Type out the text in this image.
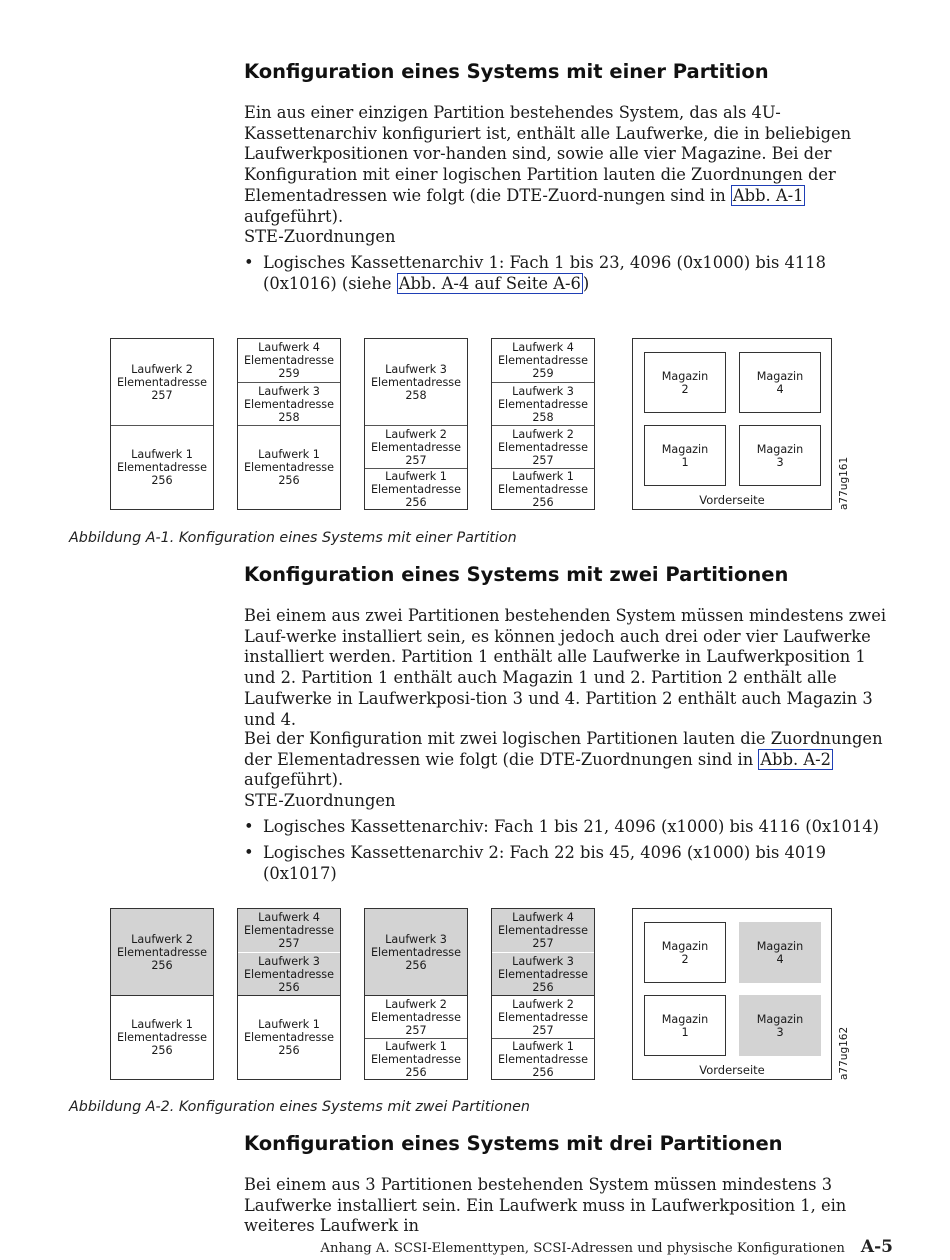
Konfiguration eines Systems mit einer Partition

Ein aus einer einzigen Partition bestehendes System, das als 4U-Kassettenarchiv konfiguriert ist, enthält alle Laufwerke, die in beliebigen Laufwerkpositionen vor-handen sind, sowie alle vier Magazine. Bei der Konfiguration mit einer logischen Partition lauten die Zuordnungen der Elementadressen wie folgt (die DTE-Zuord-nungen sind in Abb. A-1 aufgeführt).

STE-Zuordnungen
• Logisches Kassettenarchiv 1: Fach 1 bis 23, 4096 (0x1000) bis 4118 (0x1016) (siehe Abb. A-4 auf Seite A-6 )
Laufwerk 2
Elementadresse
257
Laufwerk 1
Elementadresse
256
Laufwerk 4
Elementadresse
259
Laufwerk 3
Elementadresse
258
Laufwerk 1
Elementadresse
256
Laufwerk 3
Elementadresse
258
Laufwerk 2
Elementadresse
257
Laufwerk 1
Elementadresse
256
Laufwerk 4
Elementadresse
259
Laufwerk 3
Elementadresse
258
Laufwerk 2
Elementadresse
257
Laufwerk 1
Elementadresse
256
Magazin
2
Magazin
4
Magazin
1
Magazin
3
Vorderseite	a77ug161
Abbildung A-1. Konfiguration eines Systems mit einer Partition
Konfiguration eines Systems mit zwei Partitionen

Bei einem aus zwei Partitionen bestehenden System müssen mindestens zwei Lauf-werke installiert sein, es können jedoch auch drei oder vier Laufwerke installiert werden. Partition 1 enthält alle Laufwerke in Laufwerkposition 1 und 2. Partition 1 enthält auch Magazin 1 und 2. Partition 2 enthält alle Laufwerke in Laufwerkposi-tion 3 und 4. Partition 2 enthält auch Magazin 3 und 4.

Bei der Konfiguration mit zwei logischen Partitionen lauten die Zuordnungen der Elementadressen wie folgt (die DTE-Zuordnungen sind in Abb. A-2 aufgeführt).

STE-Zuordnungen
• Logisches Kassettenarchiv: Fach 1 bis 21, 4096 (x1000) bis 4116 (0x1014)
• Logisches Kassettenarchiv 2: Fach 22 bis 45, 4096 (x1000) bis 4019 (0x1017)
Laufwerk 2
Elementadresse
256
Laufwerk 1
Elementadresse
256
Laufwerk 4
Elementadresse
257
Laufwerk 3
Elementadresse
256
Laufwerk 1
Elementadresse
256
Laufwerk 3
Elementadresse
256
Laufwerk 2
Elementadresse
257
Laufwerk 1
Elementadresse
256
Laufwerk 4
Elementadresse
257
Laufwerk 3
Elementadresse
256
Laufwerk 2
Elementadresse
257
Laufwerk 1
Elementadresse
256
Magazin
2
Magazin
4
Magazin
1
Magazin
3
Vorderseite	a77ug162
Abbildung A-2. Konfiguration eines Systems mit zwei Partitionen
Konfiguration eines Systems mit drei Partitionen

Bei einem aus 3 Partitionen bestehenden System müssen mindestens 3 Laufwerke installiert sein. Ein Laufwerk muss in Laufwerkposition 1, ein weiteres Laufwerk in

Anhang A. SCSI-Elementtypen, SCSI-Adressen und physische Konfigurationen A-5
